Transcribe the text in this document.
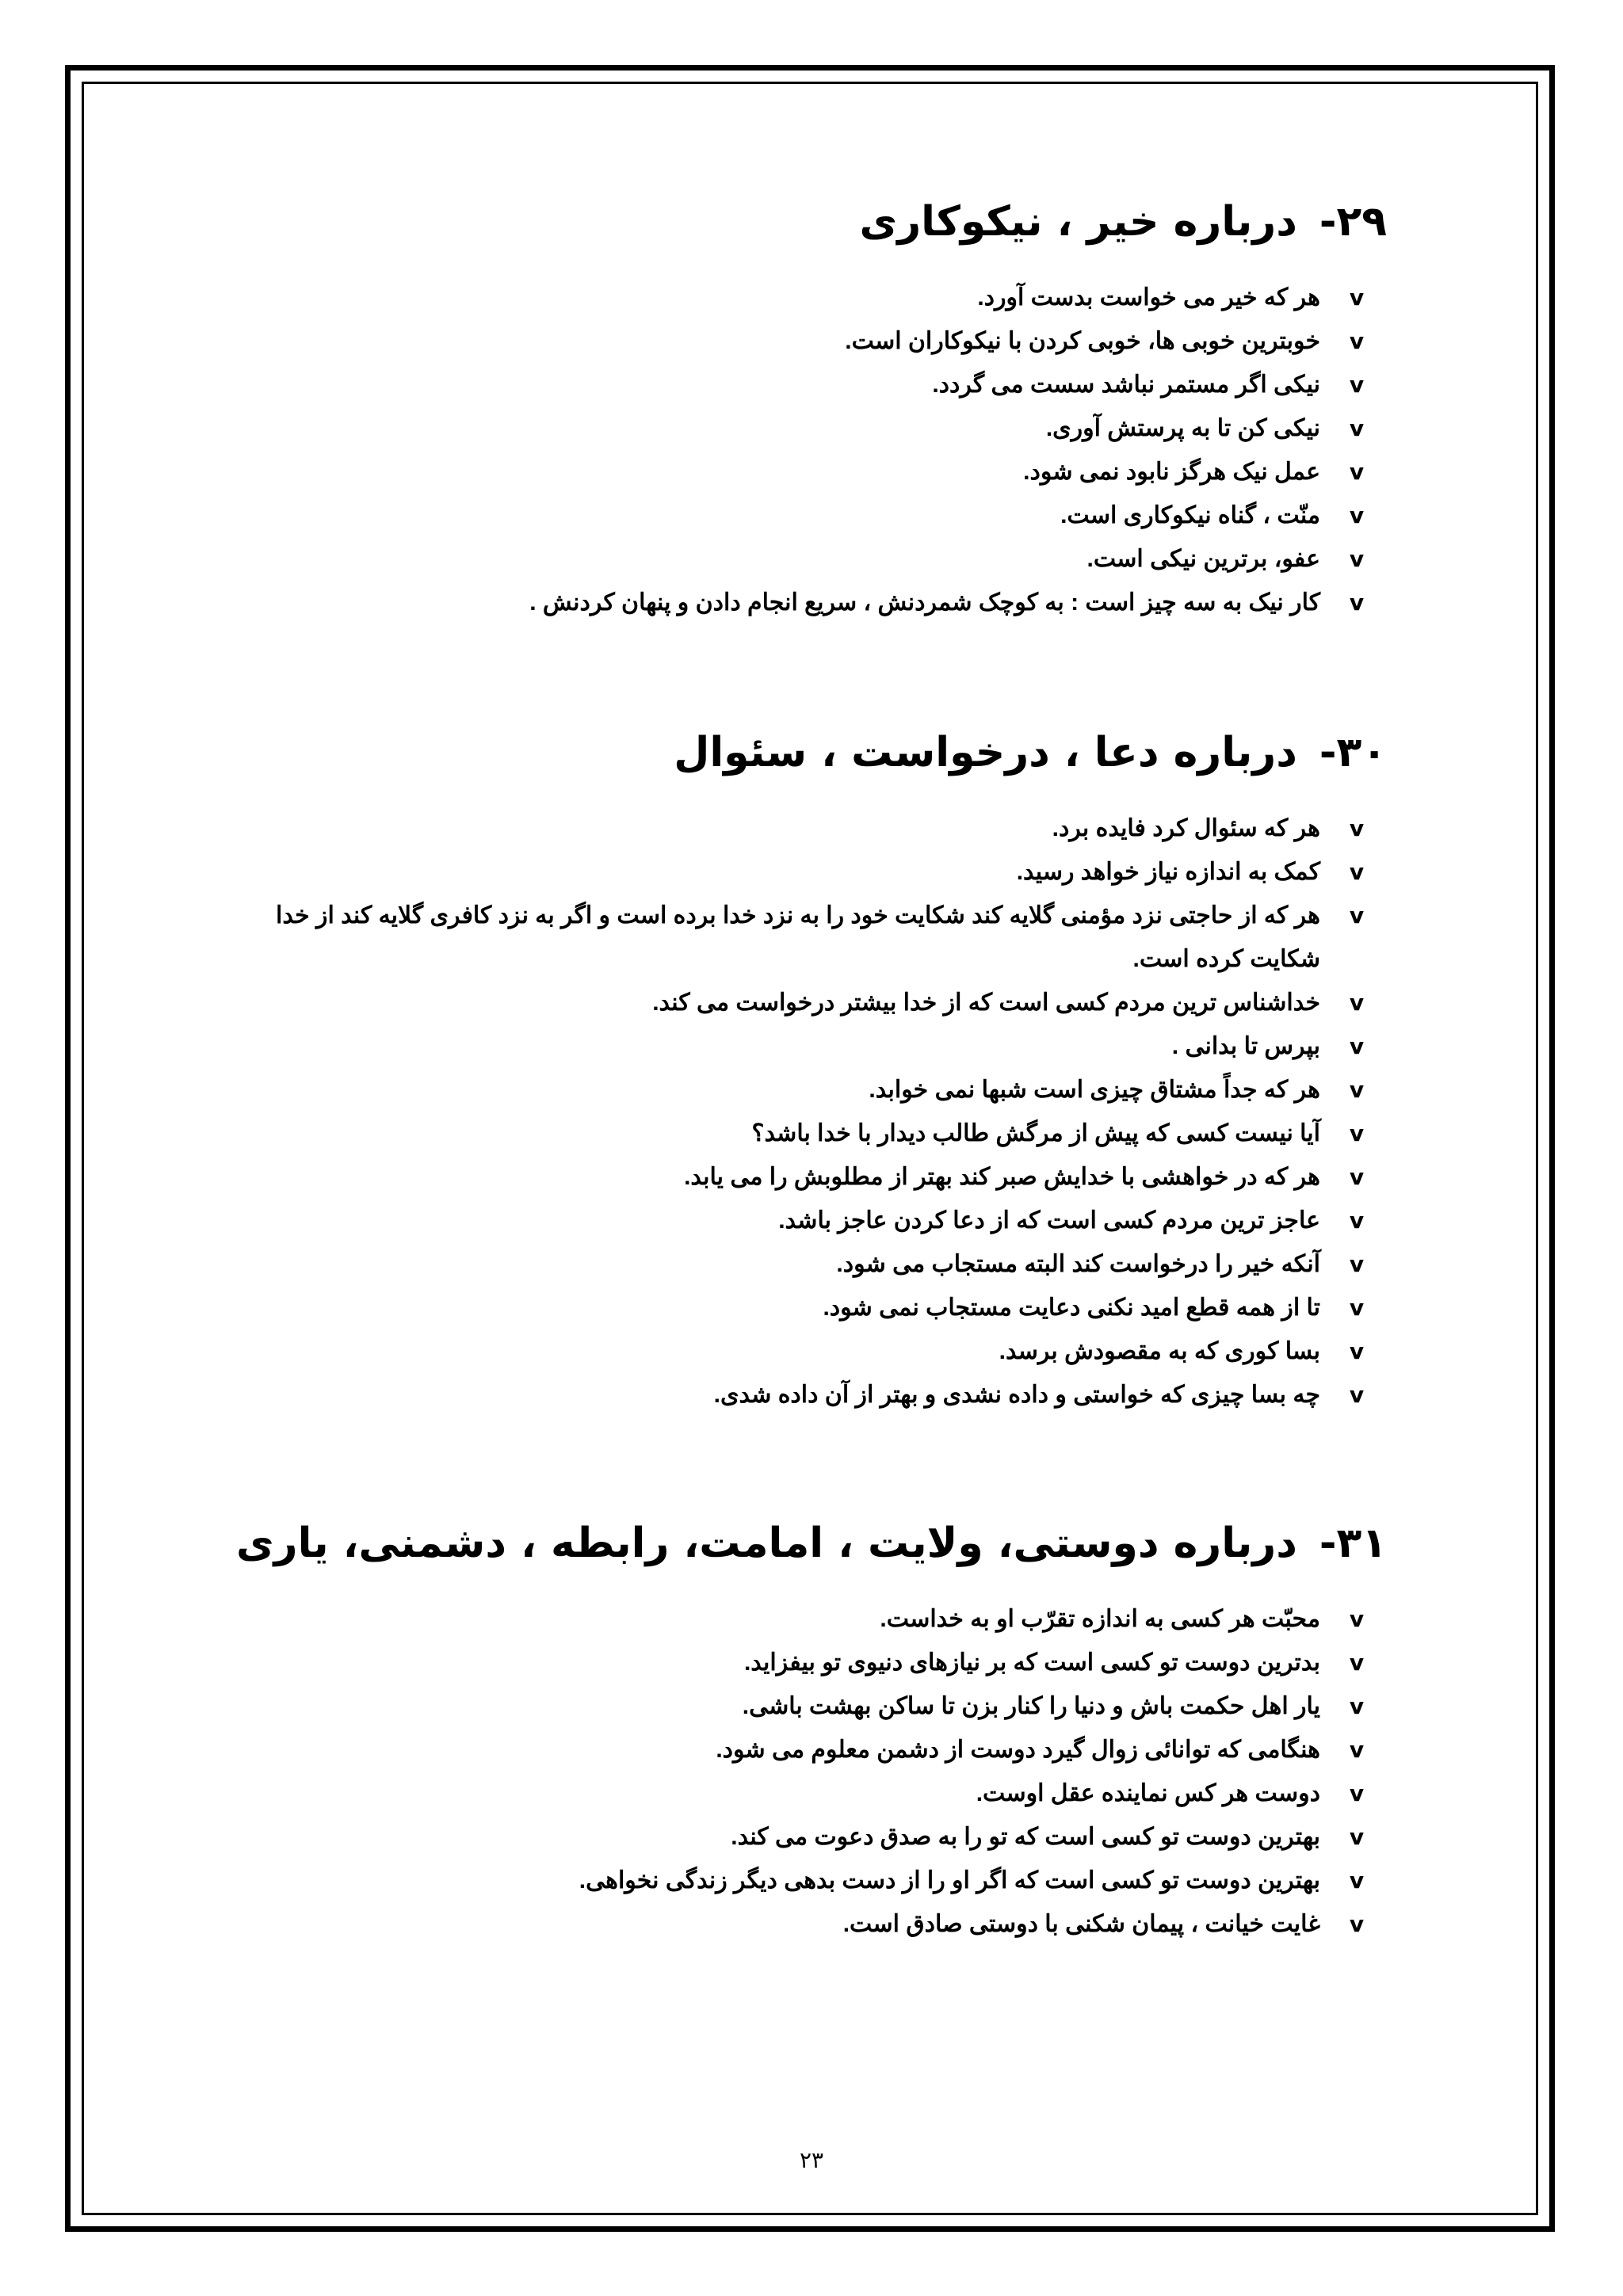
۲۹-درباره خیر ، نیکوکاری
v
هر که خیر می خواست بدست آورد.
v
خوبترین خوبی ها، خوبی کردن با نیکوکاران است.
v
نیکی اگر مستمر نباشد سست می گردد.
v
نیکی کن تا به پرستش آوری.
v
عمل نیک هرگز نابود نمی شود.
v
منّت ، گناه نیکوکاری است.
v
عفو، برترین نیکی است.
v
کار نیک به سه چیز است : به کوچک شمردنش ، سریع انجام دادن و پنهان کردنش .
۳۰-درباره دعا ، درخواست ، سئوال
v
هر که سئوال کرد فایده برد.
v
کمک به اندازه نیاز خواهد رسید.
v
هر که از حاجتی نزد مؤمنی گلایه کند شکایت خود را به نزد خدا برده است و اگر به نزد کافری گلایه کند از خدا شکایت کرده است.
v
خداشناس ترین مردم کسی است که از خدا بیشتر درخواست می کند.
v
بپرس تا بدانی .
v
هر که جداً مشتاق چیزی است شبها نمی خوابد.
v
آیا نیست کسی که پیش از مرگش طالب دیدار با خدا باشد؟
v
هر که در خواهشی با خدایش صبر کند بهتر از مطلوبش را می یابد.
v
عاجز ترین مردم کسی است که از دعا کردن عاجز باشد.
v
آنکه خیر را درخواست کند البته مستجاب می شود.
v
تا از همه قطع امید نکنی دعایت مستجاب نمی شود.
v
بسا کوری که به مقصودش برسد.
v
چه بسا چیزی که خواستی و داده نشدی و بهتر از آن داده شدی.
۳۱-درباره دوستی، ولایت ، امامت، رابطه ، دشمنی، یاری
v
محبّت هر کسی به اندازه تقرّب او به خداست.
v
بدترین دوست تو کسی است که بر نیازهای دنیوی تو بیفزاید.
v
یار اهل حکمت باش و دنیا را کنار بزن تا ساکن بهشت باشی.
v
هنگامی که توانائی زوال گیرد دوست از دشمن معلوم می شود.
v
دوست هر کس نماینده عقل اوست.
v
بهترین دوست تو کسی است که تو را به صدق دعوت می کند.
v
بهترین دوست تو کسی است که اگر او را از دست بدهی دیگر زندگی نخواهی.
v
غایت خیانت ، پیمان شکنی با دوستی صادق است.
۲۳
